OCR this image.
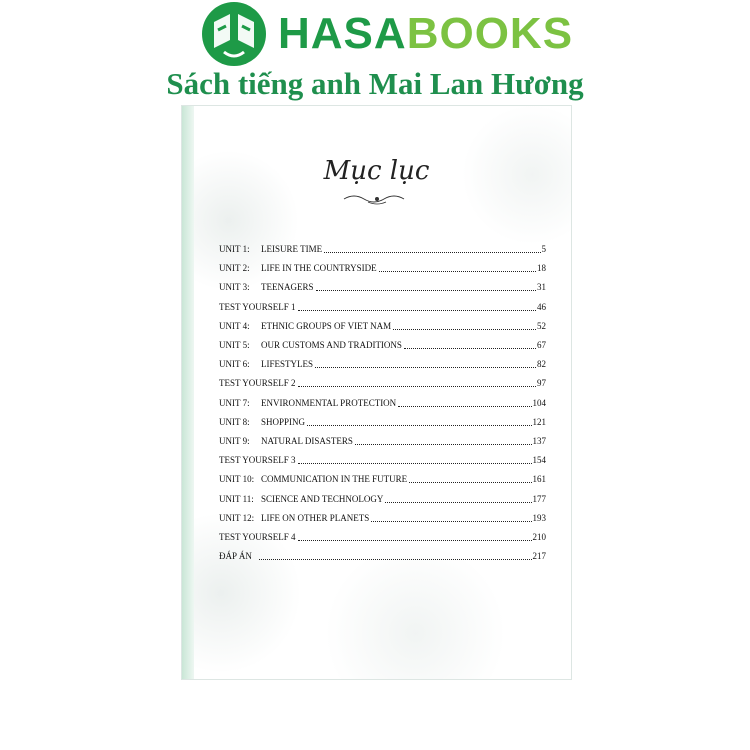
HASABOOKS
Sách tiếng anh Mai Lan Hương
Mục lục
UNIT 1:	LEISURE TIME	5
UNIT 2:	LIFE IN THE COUNTRYSIDE	18
UNIT 3:	TEENAGERS	31
TEST YOURSELF 1	46
UNIT 4:	ETHNIC GROUPS OF VIET NAM	52
UNIT 5:	OUR CUSTOMS AND TRADITIONS	67
UNIT 6:	LIFESTYLES	82
TEST YOURSELF 2	97
UNIT 7:	ENVIRONMENTAL PROTECTION	104
UNIT 8:	SHOPPING	121
UNIT 9:	NATURAL DISASTERS	137
TEST YOURSELF 3	154
UNIT 10: COMMUNICATION IN THE FUTURE	161
UNIT 11: SCIENCE AND TECHNOLOGY	177
UNIT 12: LIFE ON OTHER PLANETS	193
TEST YOURSELF 4	210
ĐÁP ÁN	217
